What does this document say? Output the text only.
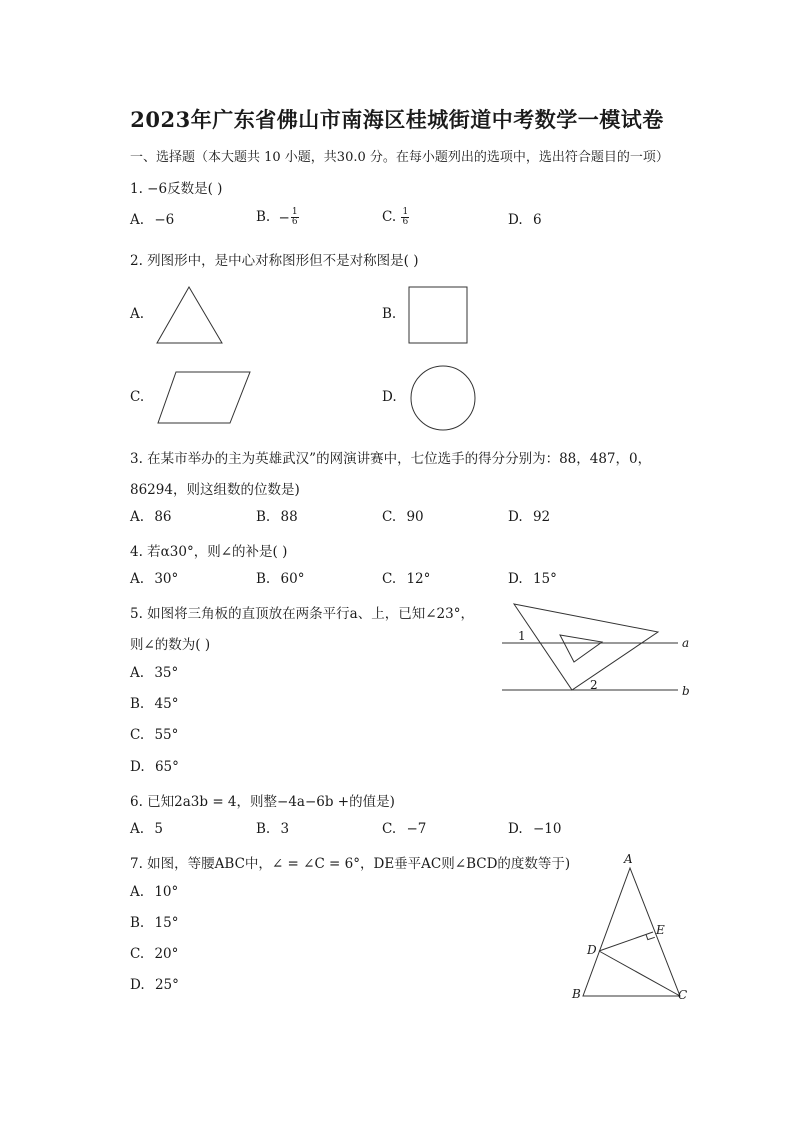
2023年广东省佛山市南海区桂城街道中考数学一模试卷
一、选择题（本大题共 10 小题，共30.0 分。在每小题列出的选项中，选出符合题目的一项）
1. −6反数是( )
A. −6	B. − $\frac{1}{6}$	C. $\frac{1}{6}$	D. 6
2. 列图形中，是中心对称图形但不是对称图是( )
A.	B.
C.	D.
3. 在某市举办的主为英雄武汉”的网演讲赛中，七位选手的得分分别为：88，487，0，
86294，则这组数的位数是)
A. 86	B. 88	C. 90	D. 92
4. 若α30°，则∠的补是( )
A. 30°	B. 60°	C. 12°	D. 15°
5. 如图将三角板的直顶放在两条平行a、上，已知∠23°，
则∠的数为( )
A. 35°
B. 45°
C. 55°
D. 65°
1
2
a
b
6. 已知2a3b = 4，则整−4a−6b +的值是)
A. 5	B. 3	C. −7	D. −10
7. 如图，等腰ABC中，∠ = ∠C = 6°，DE垂平AC则∠BCD的度数等于)
A. 10°
B. 15°
C. 20°
D. 25°
A
B	C
D
E
